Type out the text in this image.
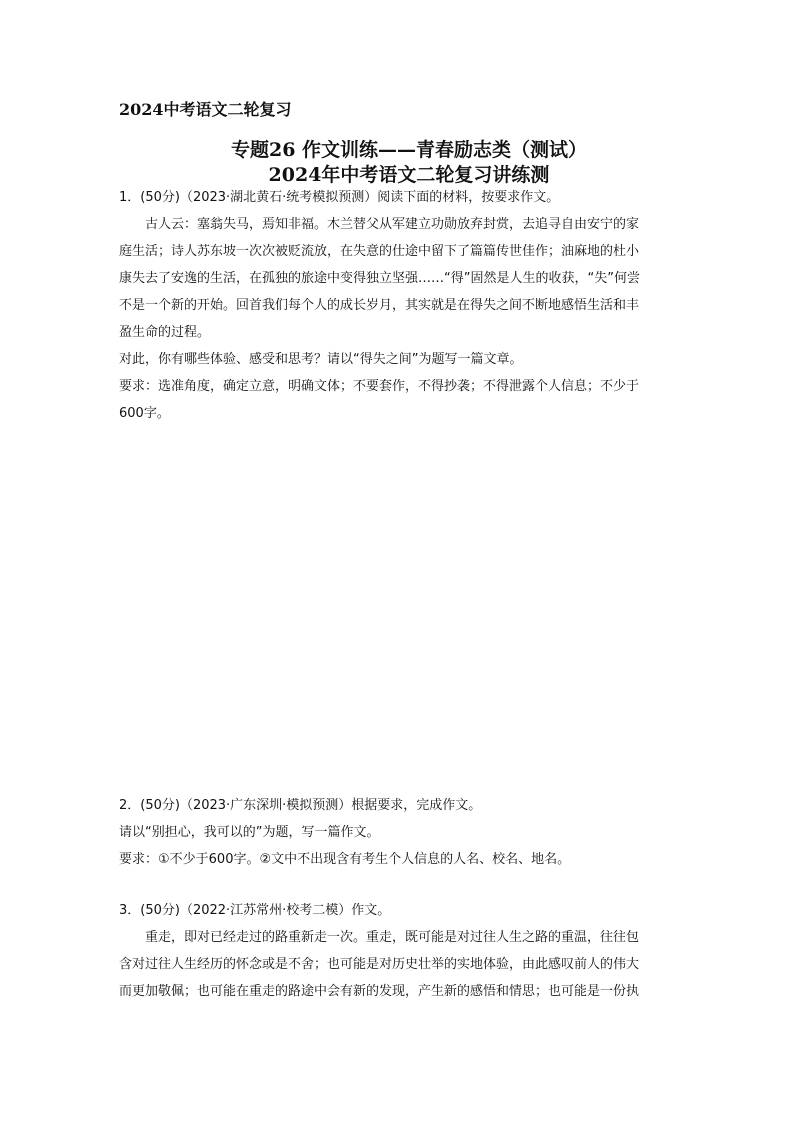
2024中考语文二轮复习
专题26 作文训练——青春励志类（测试）
2024年中考语文二轮复习讲练测
1．(50分)（2023·湖北黄石·统考模拟预测）阅读下面的材料，按要求作文。
古人云：塞翁失马，焉知非福。木兰替父从军建立功勋放弃封赏，去追寻自由安宁的家
庭生活；诗人苏东坡一次次被贬流放，在失意的仕途中留下了篇篇传世佳作；油麻地的杜小
康失去了安逸的生活，在孤独的旅途中变得独立坚强……“得”固然是人生的收获，“失”何尝
不是一个新的开始。回首我们每个人的成长岁月，其实就是在得失之间不断地感悟生活和丰
盈生命的过程。
对此，你有哪些体验、感受和思考？请以“得失之间”为题写一篇文章。
要求：选准角度，确定立意，明确文体；不要套作，不得抄袭；不得泄露个人信息；不少于
600字。
2．(50分)（2023·广东深圳·模拟预测）根据要求，完成作文。
请以“别担心，我可以的”为题，写一篇作文。
要求：①不少于600字。②文中不出现含有考生个人信息的人名、校名、地名。
3．(50分)（2022·江苏常州·校考二模）作文。
重走，即对已经走过的路重新走一次。重走，既可能是对过往人生之路的重温，往往包
含对过往人生经历的怀念或是不舍；也可能是对历史壮举的实地体验，由此感叹前人的伟大
而更加敬佩；也可能在重走的路途中会有新的发现，产生新的感悟和情思；也可能是一份执
